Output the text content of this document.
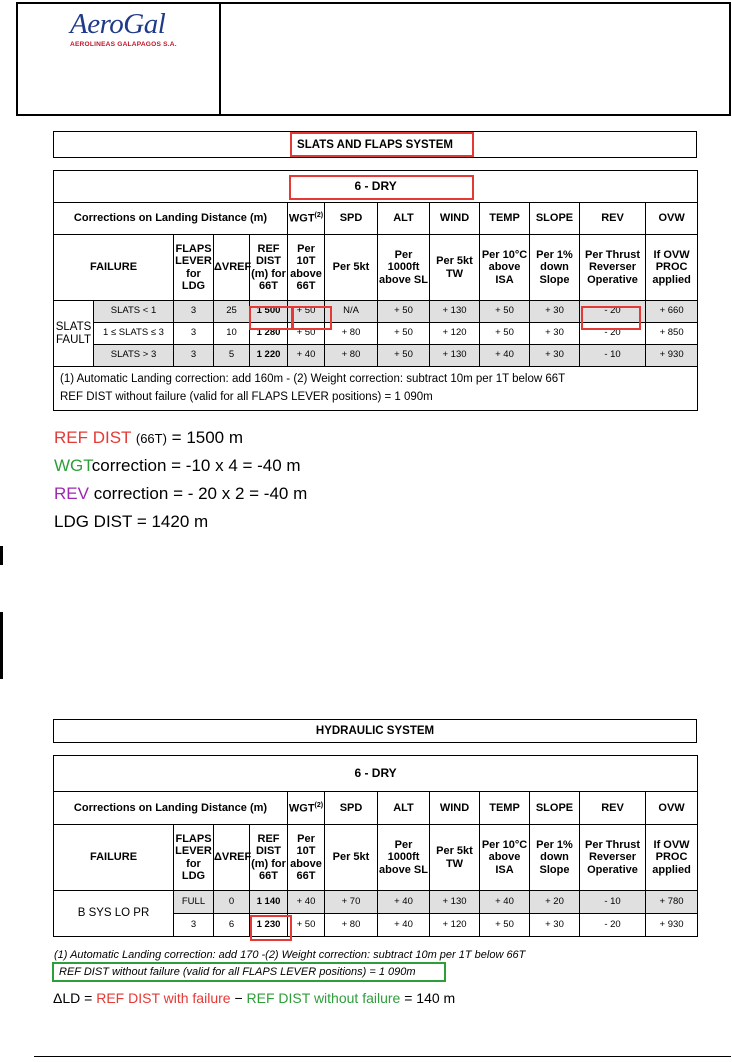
AeroGal
AEROLINEAS GALAPAGOS S.A.
SLATS AND FLAPS SYSTEM
6 - DRY												
Corrections on Landing Distance (m)					WGT$^{(2)}$	SPD	ALT	WIND	TEMP	SLOPE	REV	OVW
FAILURE		FLAPS LEVER for LDG	ΔVREF	REF DIST (m) for 66T	Per 10T above 66T	Per 5kt	Per 1000ft above SL	Per 5kt TW	Per 10°C above ISA	Per 1% down Slope	Per Thrust Reverser Operative	If OVW PROC applied
SLATS FAULT	SLATS < 1	3	25	1 500	+ 50	N/A	+ 50	+ 130	+ 50	+ 30	- 20	+ 660
	1 ≤ SLATS ≤ 3	3	10	1 280	+ 50	+ 80	+ 50	+ 120	+ 50	+ 30	- 20	+ 850
	SLATS > 3	3	5	1 220	+ 40	+ 80	+ 50	+ 130	+ 40	+ 30	- 10	+ 930

(1) Automatic Landing correction: add 160m - (2) Weight correction: subtract 10m per 1T below 66T
REF DIST without failure (valid for all FLAPS LEVER positions) = 1 090m												
REF DIST (66T) = 1500 m
WGTcorrection = -10 x 4 = -40 m
REV correction = - 20 x 2 = -40 m
LDG DIST = 1420 m
HYDRAULIC SYSTEM
6 - DRY											
Corrections on Landing Distance (m)				WGT$^{(2)}$	SPD	ALT	WIND	TEMP	SLOPE	REV	OVW
FAILURE	FLAPS LEVER for LDG	ΔVREF	REF DIST (m) for 66T	Per 10T above 66T	Per 5kt	Per 1000ft above SL	Per 5kt TW	Per 10°C above ISA	Per 1% down Slope	Per Thrust Reverser Operative	If OVW PROC applied
B SYS LO PR	FULL	0	1 140	+ 40	+ 70	+ 40	+ 130	+ 40	+ 20	- 10	+ 780
	3	6	1 230	+ 50	+ 80	+ 40	+ 120	+ 50	+ 30	- 20	+ 930
(1) Automatic Landing correction: add 170 -(2) Weight correction: subtract 10m per 1T below 66T
REF DIST without failure (valid for all FLAPS LEVER positions) = 1 090m
ΔLD = REF DIST with failure − REF DIST without failure = 140 m
